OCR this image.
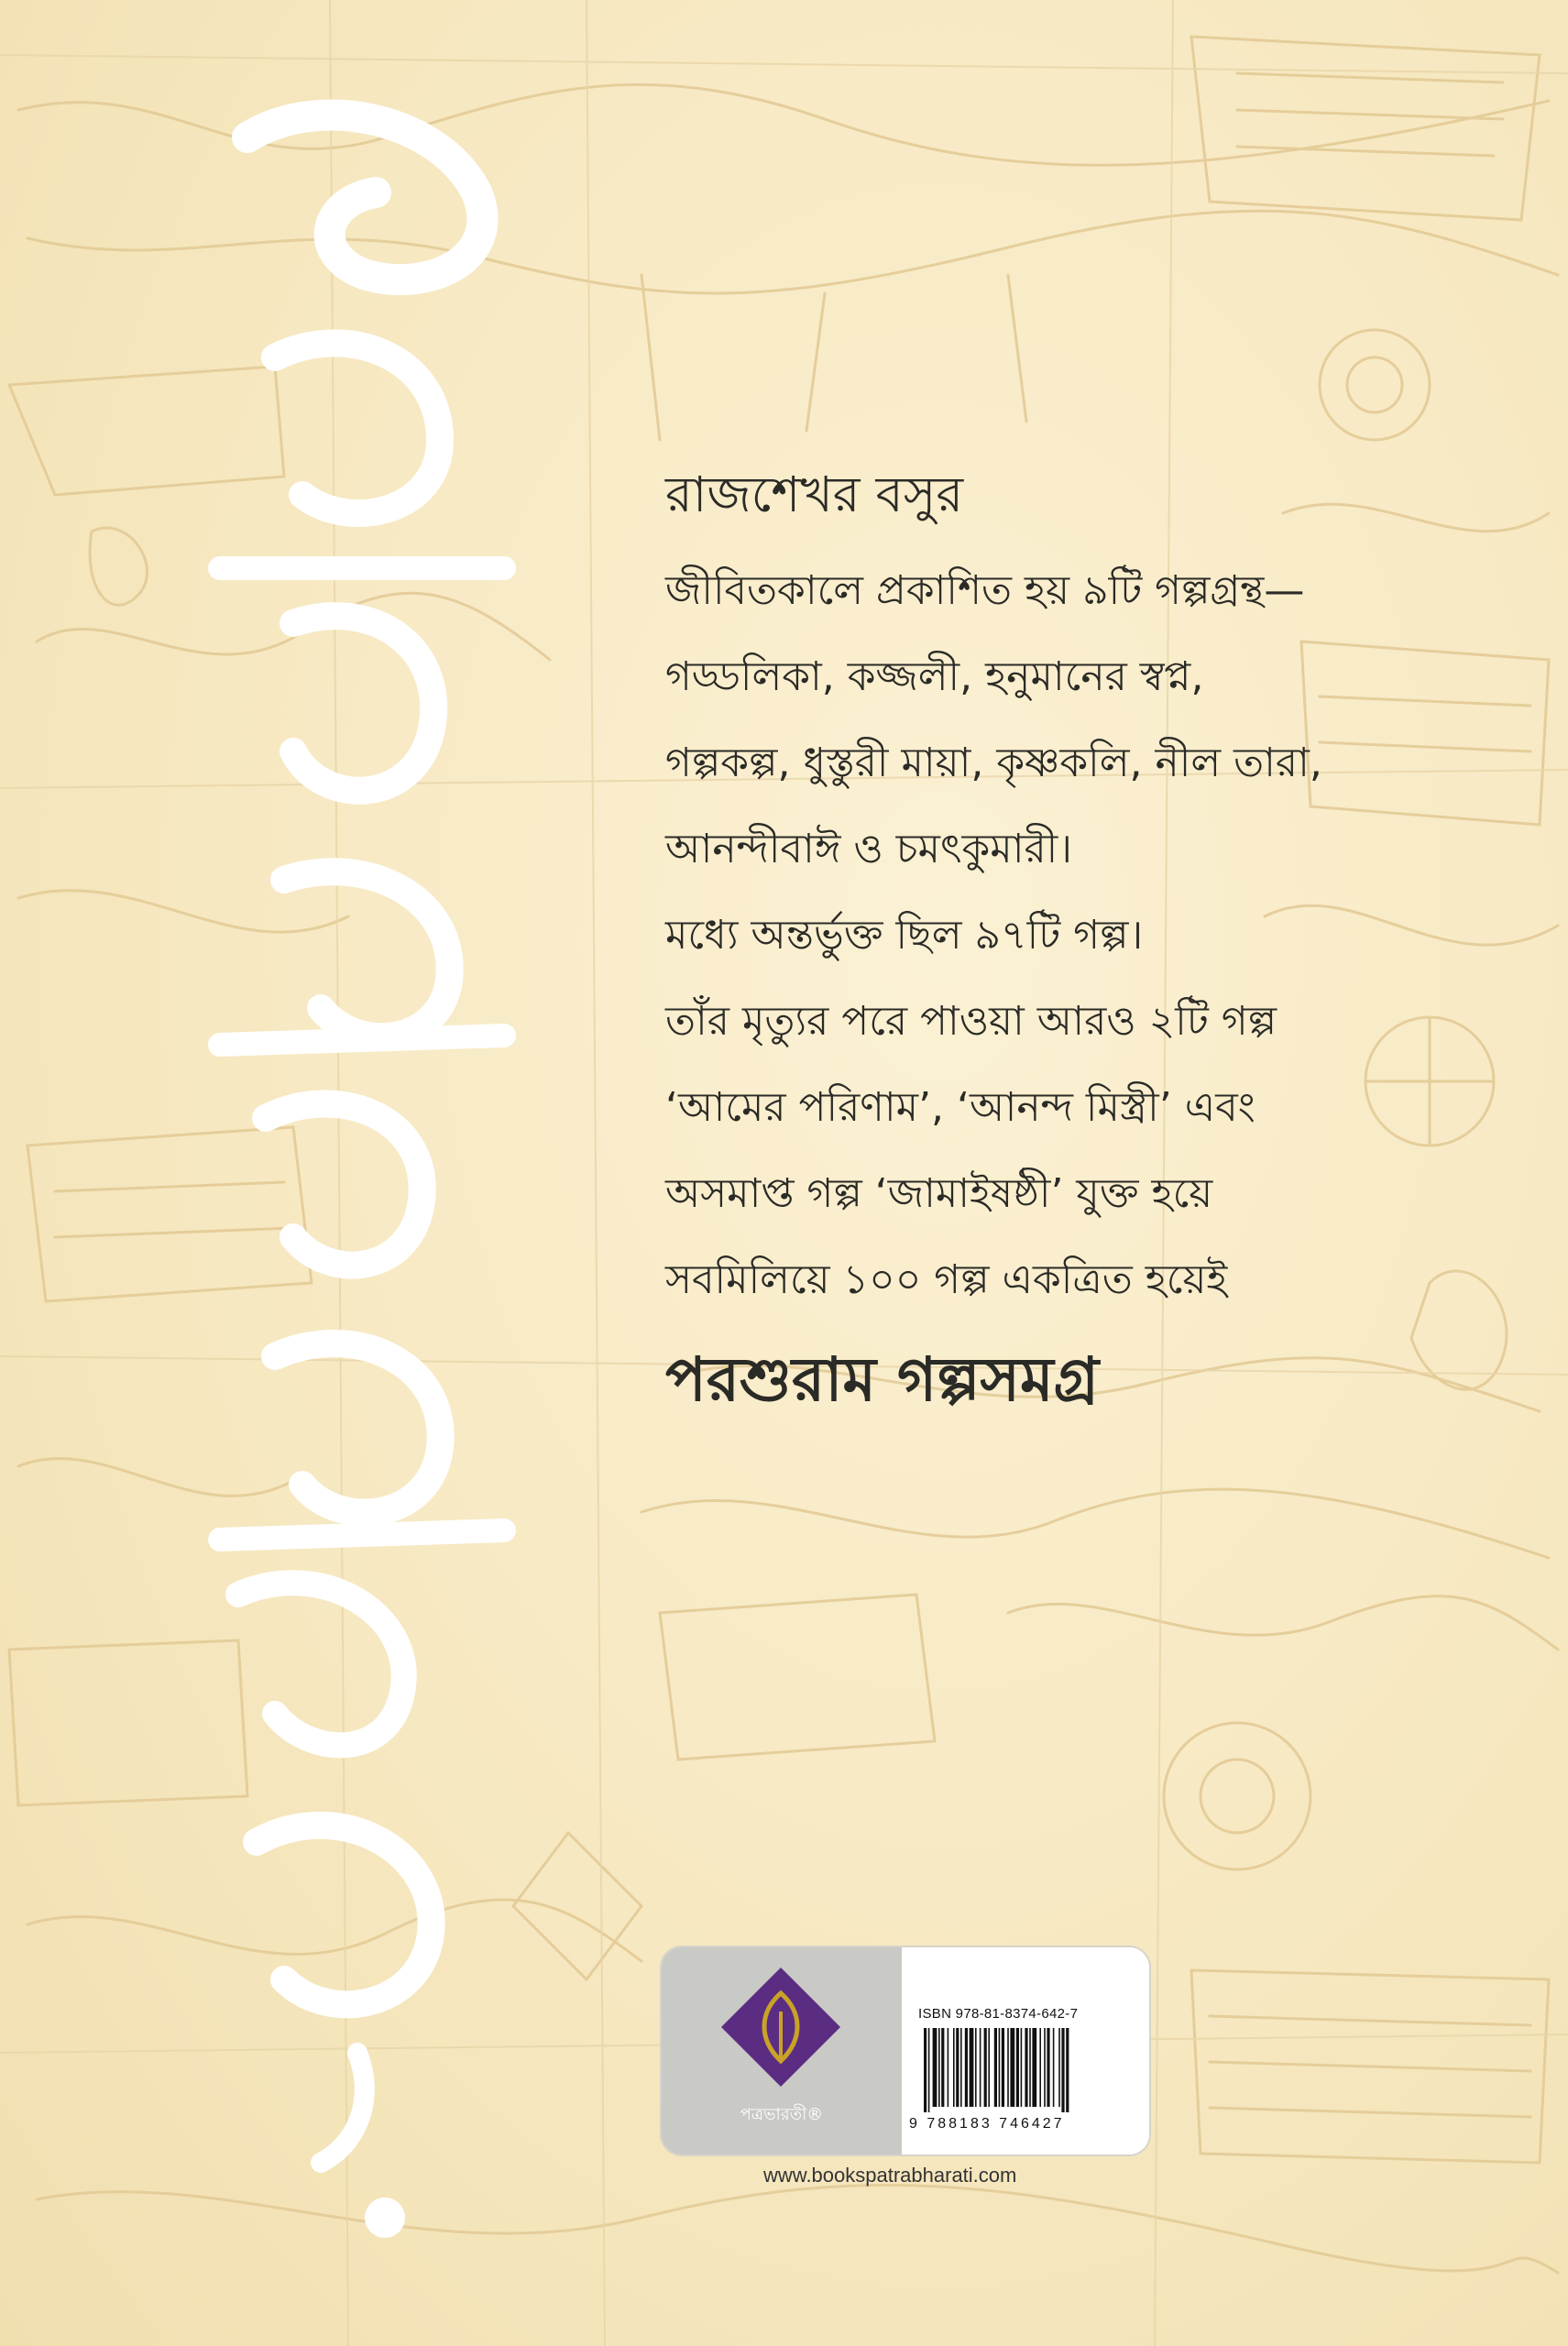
রাজশেখর বসুর

জীবিতকালে প্রকাশিত হয় ৯টি গল্পগ্রন্থ—

গড্ডলিকা, কজ্জলী, হনুমানের স্বপ্ন,

গল্পকল্প, ধুস্তুরী মায়া, কৃষ্ণকলি, নীল তারা,

আনন্দীবাঈ ও চমৎকুমারী।

মধ্যে অন্তর্ভুক্ত ছিল ৯৭টি গল্প।

তাঁর মৃত্যুর পরে পাওয়া আরও ২টি গল্প

‘আমের পরিণাম’, ‘আনন্দ মিস্ত্রী’ এবং

অসমাপ্ত গল্প ‘জামাইষষ্ঠী’ যুক্ত হয়ে

সবমিলিয়ে ১০০ গল্প একত্রিত হয়েই

পরশুরাম গল্পসমগ্র

পত্রভারতী®
ISBN 978-81-8374-642-7
9 788183 746427
www.bookspatrabharati.com
